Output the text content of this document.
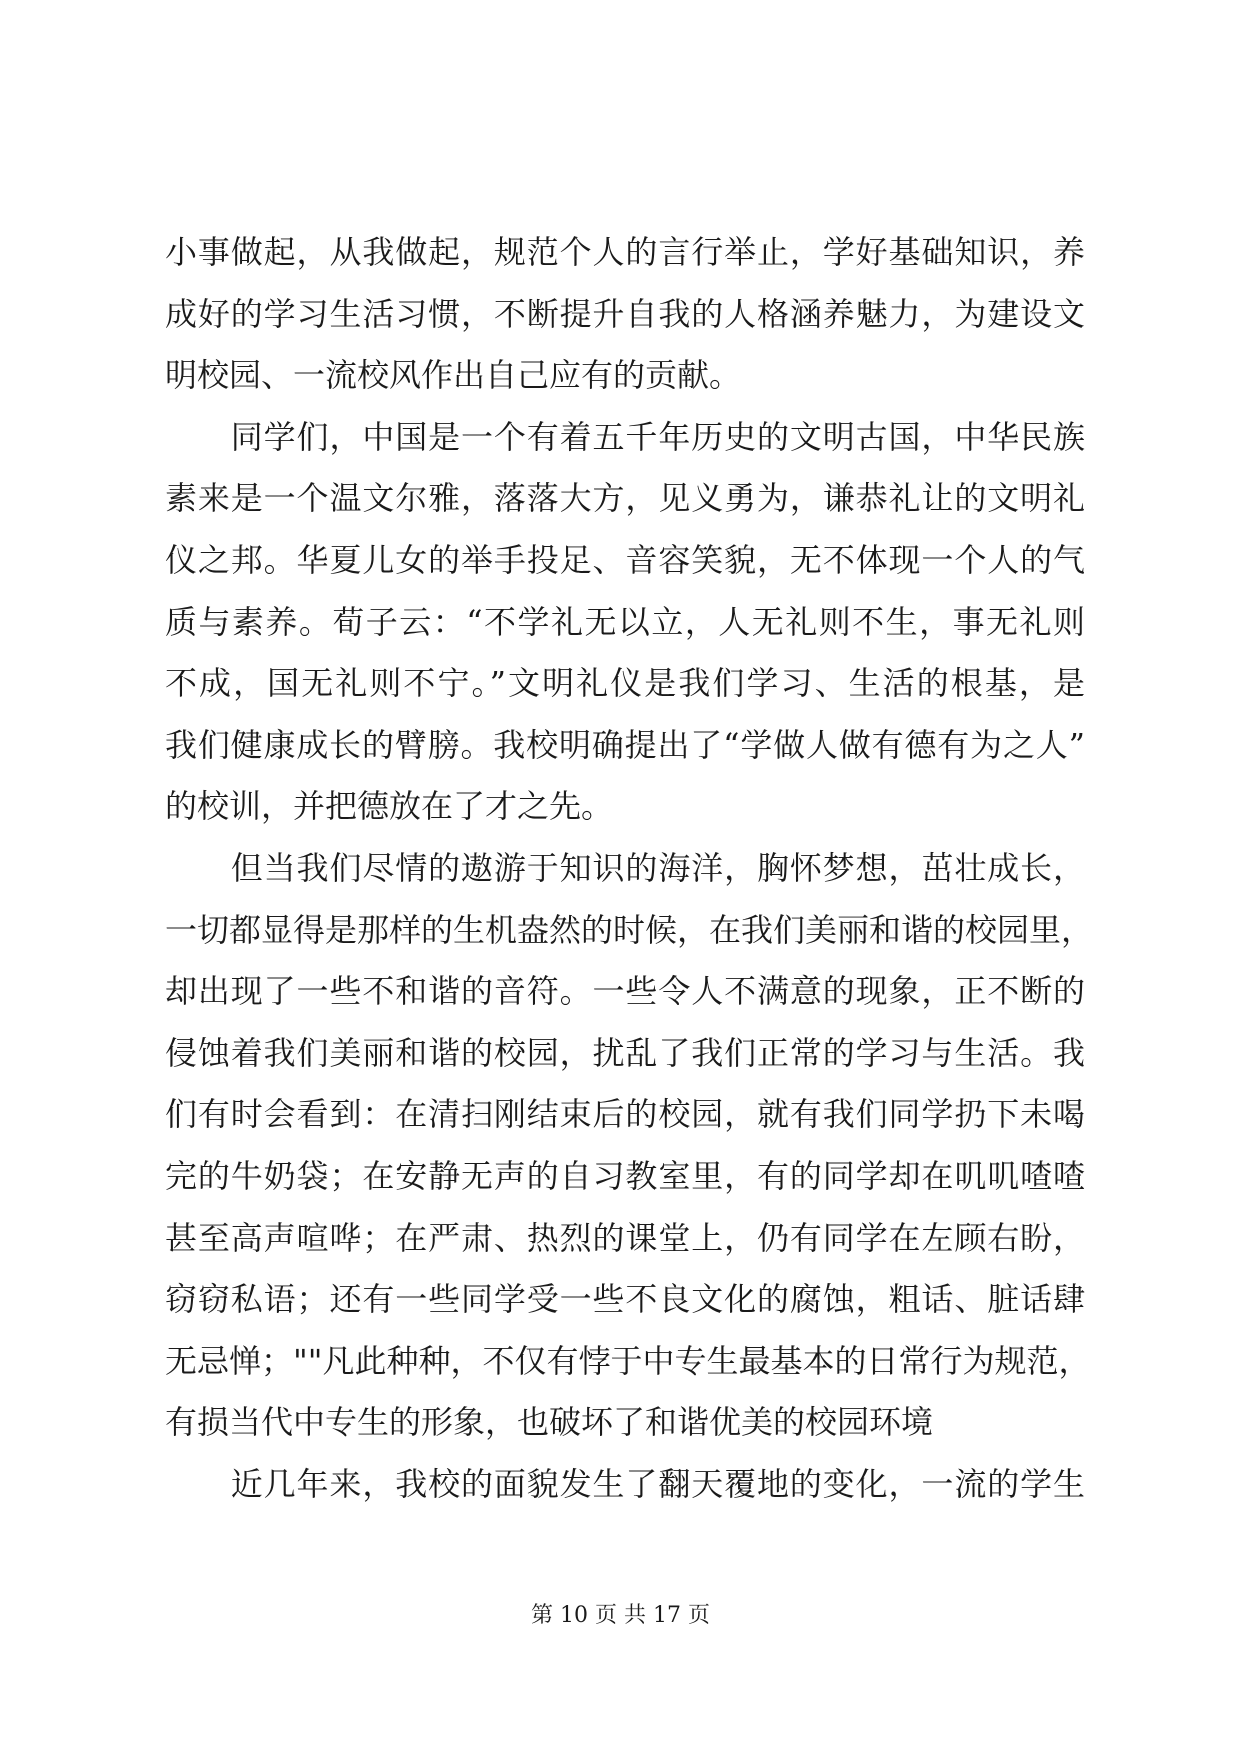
小事做起，从我做起，规范个人的言行举止，学好基础知识，养
成好的学习生活习惯，不断提升自我的人格涵养魅力，为建设文
明校园、一流校风作出自己应有的贡献。
　　同学们，中国是一个有着五千年历史的文明古国，中华民族
素来是一个温文尔雅，落落大方，见义勇为，谦恭礼让的文明礼
仪之邦。华夏儿女的举手投足、音容笑貌，无不体现一个人的气
质与素养。荀子云：“不学礼无以立，人无礼则不生，事无礼则
不成，国无礼则不宁。”文明礼仪是我们学习、生活的根基，是
我们健康成长的臂膀。我校明确提出了“学做人做有德有为之人”
的校训，并把德放在了才之先。
　　但当我们尽情的遨游于知识的海洋，胸怀梦想，茁壮成长，
一切都显得是那样的生机盎然的时候，在我们美丽和谐的校园里，
却出现了一些不和谐的音符。一些令人不满意的现象，正不断的
侵蚀着我们美丽和谐的校园，扰乱了我们正常的学习与生活。我
们有时会看到：在清扫刚结束后的校园，就有我们同学扔下未喝
完的牛奶袋；在安静无声的自习教室里，有的同学却在叽叽喳喳
甚至高声喧哗；在严肃、热烈的课堂上，仍有同学在左顾右盼，
窃窃私语；还有一些同学受一些不良文化的腐蚀，粗话、脏话肆
无忌惮；""凡此种种，不仅有悖于中专生最基本的日常行为规范，
有损当代中专生的形象，也破坏了和谐优美的校园环境
　　近几年来，我校的面貌发生了翻天覆地的变化，一流的学生
第 10 页 共 17 页
